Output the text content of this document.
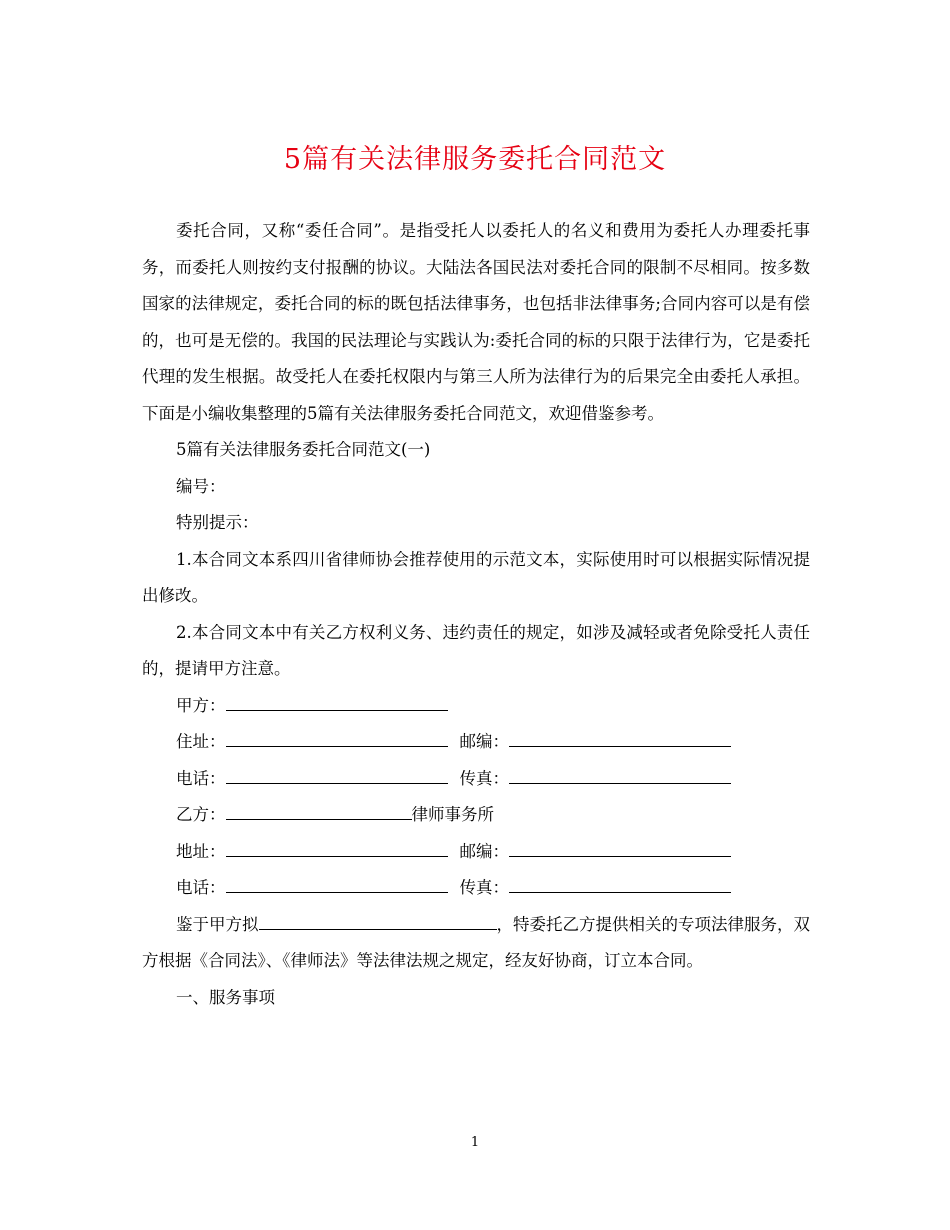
5篇有关法律服务委托合同范文

委托合同，又称“委任合同”。是指受托人以委托人的名义和费用为委托人办理委托事务，而委托人则按约支付报酬的协议。大陆法各国民法对委托合同的限制不尽相同。按多数国家的法律规定，委托合同的标的既包括法律事务，也包括非法律事务;合同内容可以是有偿的，也可是无偿的。我国的民法理论与实践认为:委托合同的标的只限于法律行为，它是委托代理的发生根据。故受托人在委托权限内与第三人所为法律行为的后果完全由委托人承担。下面是小编收集整理的5篇有关法律服务委托合同范文，欢迎借鉴参考。

5篇有关法律服务委托合同范文(一)

编号：

特别提示：

1.本合同文本系四川省律师协会推荐使用的示范文本，实际使用时可以根据实际情况提出修改。

2.本合同文本中有关乙方权利义务、违约责任的规定，如涉及减轻或者免除受托人责任的，提请甲方注意。

甲方：

住址：	邮编：

电话：	传真：

乙方：	律师事务所

地址：	邮编：

电话：	传真：

鉴于甲方拟	，特委托乙方提供相关的专项法律服务，双方根据《合同法》、《律师法》等法律法规之规定，经友好协商，订立本合同。

一、服务事项

1
